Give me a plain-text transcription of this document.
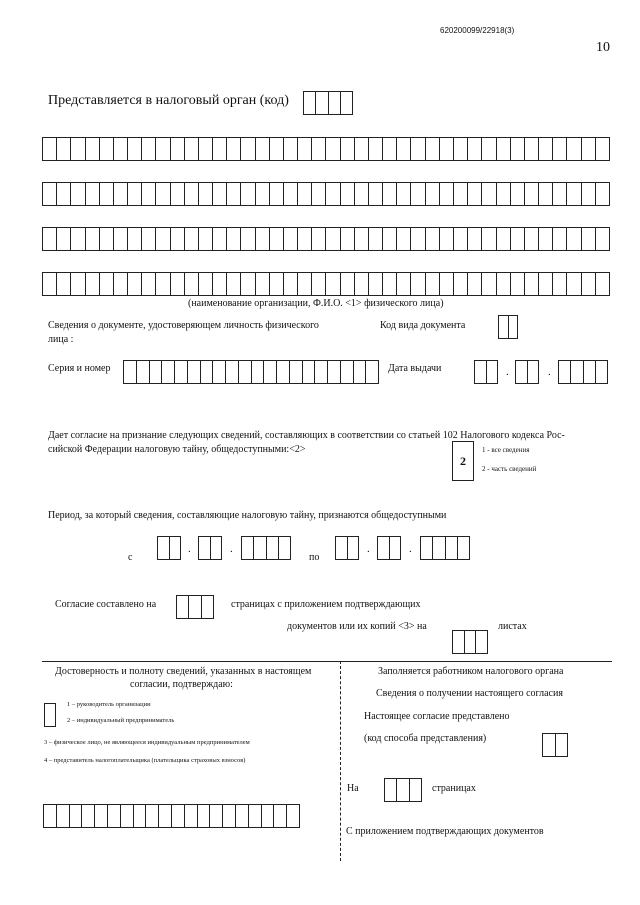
620200099/22918(3)
10
Представляется в налоговый орган (код)
(наименование организации, Ф.И.О. <1> физического лица)
Сведения о документе, удостоверяющем личность физического
лица :
Код вида документа
Серия и номер	Дата выдачи	.	.
Дает согласие на признание следующих сведений, составляющих в соответствии со статьей 102 Налогового кодекса Рос-
сийской Федерации налоговую тайну, общедоступными:<2>
2
1 - все сведения
2 - часть сведений
Период, за который сведения, составляющие налоговую тайну, признаются общедоступными
с
.	.
по
.	.
Согласие составлено на	страницах с приложением подтверждающих
документов или их копий <3> на	листах
Достоверность и полноту сведений, указанных в настоящем
согласии, подтверждаю:
1 – руководитель организации
2 – индивидуальный предприниматель
3 – физическое лицо, не являющееся индивидуальным предпринимателем
4 – представитель налогоплательщика (плательщика страховых взносов)
Заполняется работником налогового органа
Сведения о получении настоящего согласия
Настоящее согласие представлено
(код способа представления)
На	страницах
С приложением подтверждающих документов
